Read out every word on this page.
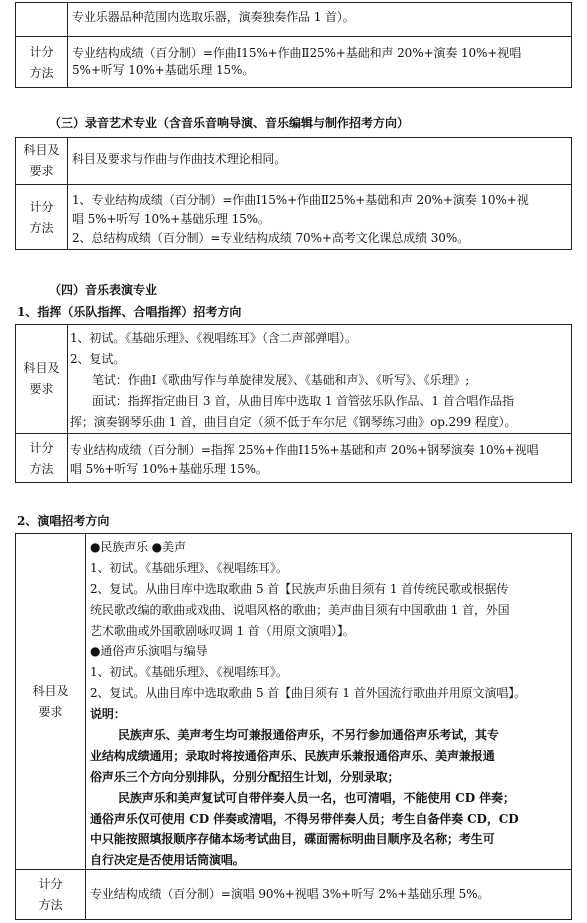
专业乐器品种范围内选取乐器，演奏独奏作品 1 首）。
计分
方法
专业结构成绩（百分制）=作曲Ⅰ15%+作曲Ⅱ25%+基础和声 20%+演奏 10%+视唱
5%+听写 10%+基础乐理 15%。
（三）录音艺术专业（含音乐音响导演、音乐编辑与制作招考方向）
科目及
要求
科目及要求与作曲与作曲技术理论相同。
计分
方法
1、专业结构成绩（百分制）=作曲Ⅰ15%+作曲Ⅱ25%+基础和声 20%+演奏 10%+视
唱 5%+听写 10%+基础乐理 15%。
2、总结构成绩（百分制）=专业结构成绩 70%+高考文化课总成绩 30%。
（四）音乐表演专业
1、指挥（乐队指挥、合唱指挥）招考方向
科目及
要求
1、初试。《基础乐理》、《视唱练耳》（含二声部弹唱）。
2、复试。
笔试：作曲Ⅰ《歌曲写作与单旋律发展》、《基础和声》、《听写》、《乐理》;
面试：指挥指定曲目 3 首，从曲目库中选取 1 首管弦乐队作品、1 首合唱作品指
挥；演奏钢琴乐曲 1 首，曲目自定（须不低于车尔尼《钢琴练习曲》op.299 程度）。
计分
方法
专业结构成绩（百分制）=指挥 25%+作曲Ⅰ15%+基础和声 20%+钢琴演奏 10%+视唱
唱 5%+听写 10%+基础乐理 15%。
2、演唱招考方向
科目及
要求
●民族声乐 ●美声
1、初试。《基础乐理》、《视唱练耳》。
2、复试。从曲目库中选取歌曲 5 首【民族声乐曲目须有 1 首传统民歌或根据传
统民歌改编的歌曲或戏曲、说唱风格的歌曲；美声曲目须有中国歌曲 1 首，外国
艺术歌曲或外国歌剧咏叹调 1 首（用原文演唱）】。
●通俗声乐演唱与编导
1、初试。《基础乐理》、《视唱练耳》。
2、复试。从曲目库中选取歌曲 5 首【曲目须有 1 首外国流行歌曲并用原文演唱】。
说明：
民族声乐、美声考生均可兼报通俗声乐，不另行参加通俗声乐考试，其专
业结构成绩通用；录取时将按通俗声乐、民族声乐兼报通俗声乐、美声兼报通
俗声乐三个方向分别排队，分别分配招生计划，分别录取；
民族声乐和美声复试可自带伴奏人员一名，也可清唱，不能使用 CD 伴奏；
通俗声乐仅可使用 CD 伴奏或清唱，不得另带伴奏人员；考生自备伴奏 CD，CD
中只能按照填报顺序存储本场考试曲目，碟面需标明曲目顺序及名称；考生可
自行决定是否使用话筒演唱。
计分
方法
专业结构成绩（百分制）=演唱 90%+视唱 3%+听写 2%+基础乐理 5%。
